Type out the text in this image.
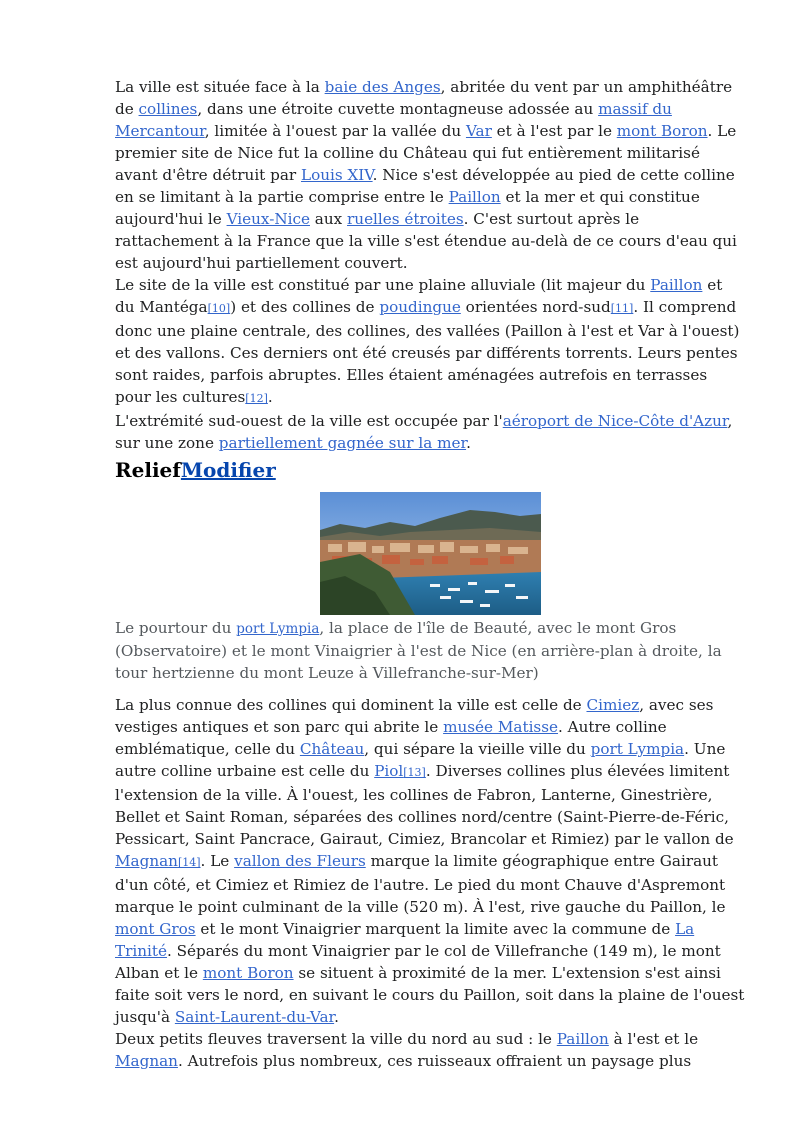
La ville est située face à la baie des Anges, abritée du vent par un amphithéâtre de collines, dans une étroite cuvette montagneuse adossée au massif du Mercantour, limitée à l'ouest par la vallée du Var et à l'est par le mont Boron. Le premier site de Nice fut la colline du Château qui fut entièrement militarisé avant d'être détruit par Louis XIV. Nice s'est développée au pied de cette colline en se limitant à la partie comprise entre le Paillon et la mer et qui constitue aujourd'hui le Vieux-Nice aux ruelles étroites. C'est surtout après le rattachement à la France que la ville s'est étendue au-delà de ce cours d'eau qui est aujourd'hui partiellement couvert.

Le site de la ville est constitué par une plaine alluviale (lit majeur du Paillon et du Mantéga[10]) et des collines de poudingue orientées nord-sud[11]. Il comprend donc une plaine centrale, des collines, des vallées (Paillon à l'est et Var à l'ouest) et des vallons. Ces derniers ont été creusés par différents torrents. Leurs pentes sont raides, parfois abruptes. Elles étaient aménagées autrefois en terrasses pour les cultures[12].

L'extrémité sud-ouest de la ville est occupée par l'aéroport de Nice-Côte d'Azur, sur une zone partiellement gagnée sur la mer.

ReliefModifier
Le pourtour du port Lympia, la place de l'île de Beauté, avec le mont Gros (Observatoire) et le mont Vinaigrier à l'est de Nice (en arrière-plan à droite, la tour hertzienne du mont Leuze à Villefranche-sur-Mer)

La plus connue des collines qui dominent la ville est celle de Cimiez, avec ses vestiges antiques et son parc qui abrite le musée Matisse. Autre colline emblématique, celle du Château, qui sépare la vieille ville du port Lympia. Une autre colline urbaine est celle du Piol[13]. Diverses collines plus élevées limitent l'extension de la ville. À l'ouest, les collines de Fabron, Lanterne, Ginestrière, Bellet et Saint Roman, séparées des collines nord/centre (Saint-Pierre-de-Féric, Pessicart, Saint Pancrace, Gairaut, Cimiez, Brancolar et Rimiez) par le vallon de Magnan[14]. Le vallon des Fleurs marque la limite géographique entre Gairaut d'un côté, et Cimiez et Rimiez de l'autre. Le pied du mont Chauve d'Aspremont marque le point culminant de la ville (520 m). À l'est, rive gauche du Paillon, le mont Gros et le mont Vinaigrier marquent la limite avec la commune de La Trinité. Séparés du mont Vinaigrier par le col de Villefranche (149 m), le mont Alban et le mont Boron se situent à proximité de la mer. L'extension s'est ainsi faite soit vers le nord, en suivant le cours du Paillon, soit dans la plaine de l'ouest jusqu'à Saint-Laurent-du-Var.

Deux petits fleuves traversent la ville du nord au sud : le Paillon à l'est et le Magnan. Autrefois plus nombreux, ces ruisseaux offraient un paysage plus
